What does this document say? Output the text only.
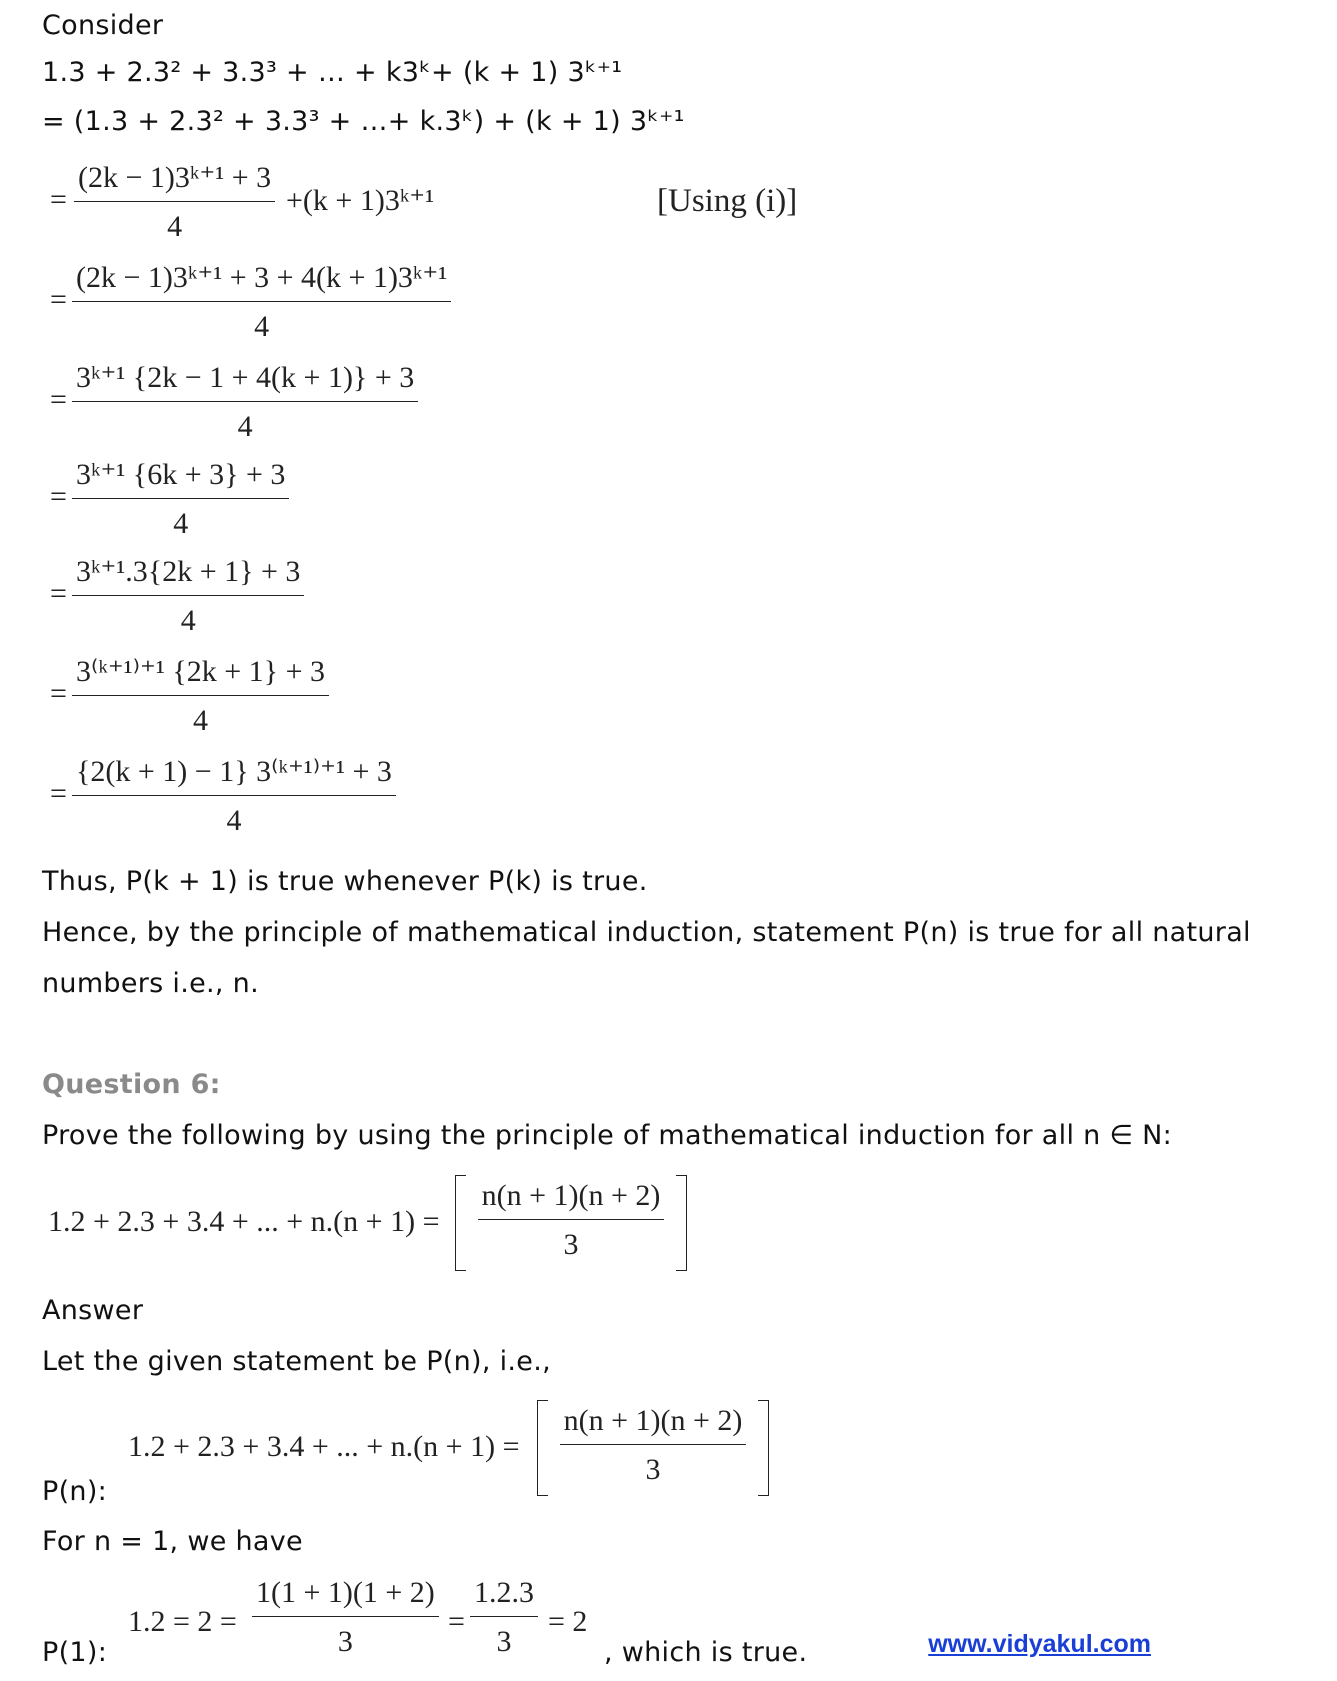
Consider
1.3 + 2.3² + 3.3³ + … + k3ᵏ+ (k + 1) 3ᵏ⁺¹
= (1.3 + 2.3² + 3.3³ + …+ k.3ᵏ) + (k + 1) 3ᵏ⁺¹
= $\frac{\text{(2k − 1)3ᵏ⁺¹ + 3}}{4} +(k$ + 1)3ᵏ⁺¹	[Using (i)]
= $\frac{\text{(2k − 1)3ᵏ⁺¹ + 3 + 4(k + 1)3ᵏ⁺¹}}{4}$
= $\frac{\text{3ᵏ⁺¹ \{2k − 1 + 4(k + 1)\} + 3}}{4}$
= $\frac{\text{3ᵏ⁺¹ \{6k + 3\} + 3}}{4}$
= $\frac{\text{3ᵏ⁺¹.3\{2k + 1\} + 3}}{4}$
= $\frac{\text{3⁽ᵏ⁺¹⁾⁺¹ \{2k + 1\} + 3}}{4}$
= $\frac{\text{\{2(k + 1) − 1\} 3⁽ᵏ⁺¹⁾⁺¹ + 3}}{4}$
Thus, P(k + 1) is true whenever P(k) is true.
Hence, by the principle of mathematical induction, statement P(n) is true for all natural
numbers i.e., n.
Question 6:
Prove the following by using the principle of mathematical induction for all n ∈ N:
1.2 + 2.3 + 3.4 + ... + $n.(n + 1) = \frac{n(n + 1)(n + 2)}{3}$
Answer
Let the given statement be P(n), i.e.,
1.2 + 2.3 + 3.4 + ... + $n.(n + 1) = \frac{n(n + 1)(n + 2)}{3}$
P(n):
For n = 1, we have
$1.2 = 2 = \frac{1(1 + 1)(1 + 2)}{3} = \frac{1.2.3}{3} = 2$
P(1):	, which is true.	www.vidyakul.com
